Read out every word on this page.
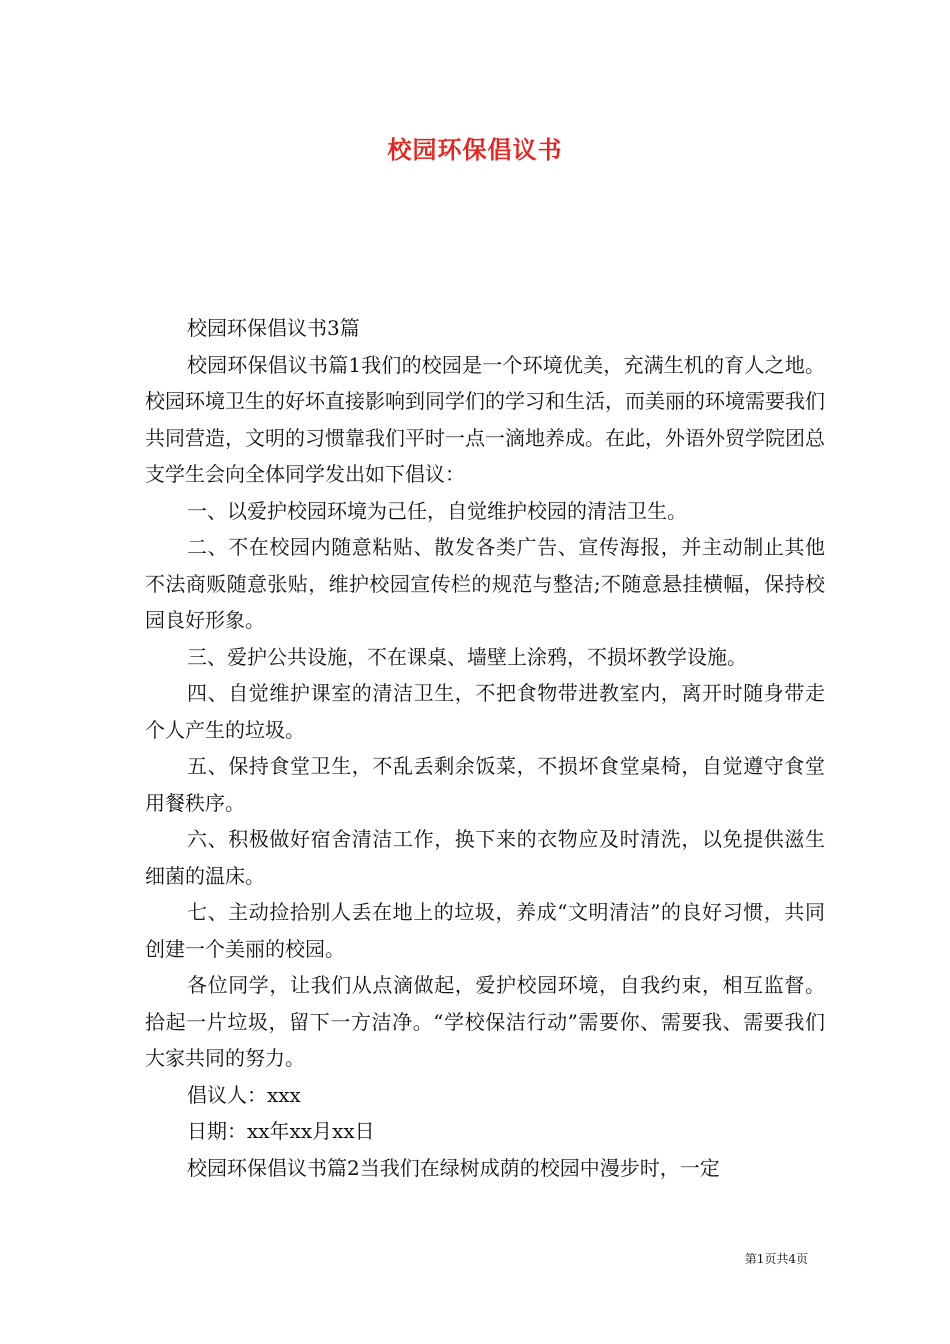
校园环保倡议书

校园环保倡议书3篇

校园环保倡议书篇1我们的校园是一个环境优美，充满生机的育人之地。校园环境卫生的好坏直接影响到同学们的学习和生活，而美丽的环境需要我们共同营造，文明的习惯靠我们平时一点一滴地养成。在此，外语外贸学院团总支学生会向全体同学发出如下倡议：

一、以爱护校园环境为己任，自觉维护校园的清洁卫生。

二、不在校园内随意粘贴、散发各类广告、宣传海报，并主动制止其他不法商贩随意张贴，维护校园宣传栏的规范与整洁;不随意悬挂横幅，保持校园良好形象。

三、爱护公共设施，不在课桌、墙壁上涂鸦，不损坏教学设施。

四、自觉维护课室的清洁卫生，不把食物带进教室内，离开时随身带走个人产生的垃圾。

五、保持食堂卫生，不乱丢剩余饭菜，不损坏食堂桌椅，自觉遵守食堂用餐秩序。

六、积极做好宿舍清洁工作，换下来的衣物应及时清洗，以免提供滋生细菌的温床。

七、主动捡拾别人丢在地上的垃圾，养成“文明清洁”的良好习惯，共同创建一个美丽的校园。

各位同学，让我们从点滴做起，爱护校园环境，自我约束，相互监督。拾起一片垃圾，留下一方洁净。“学校保洁行动”需要你、需要我、需要我们大家共同的努力。

倡议人：xxx

日期：xx年xx月xx日

校园环保倡议书篇2当我们在绿树成荫的校园中漫步时，一定

第1页共4页
